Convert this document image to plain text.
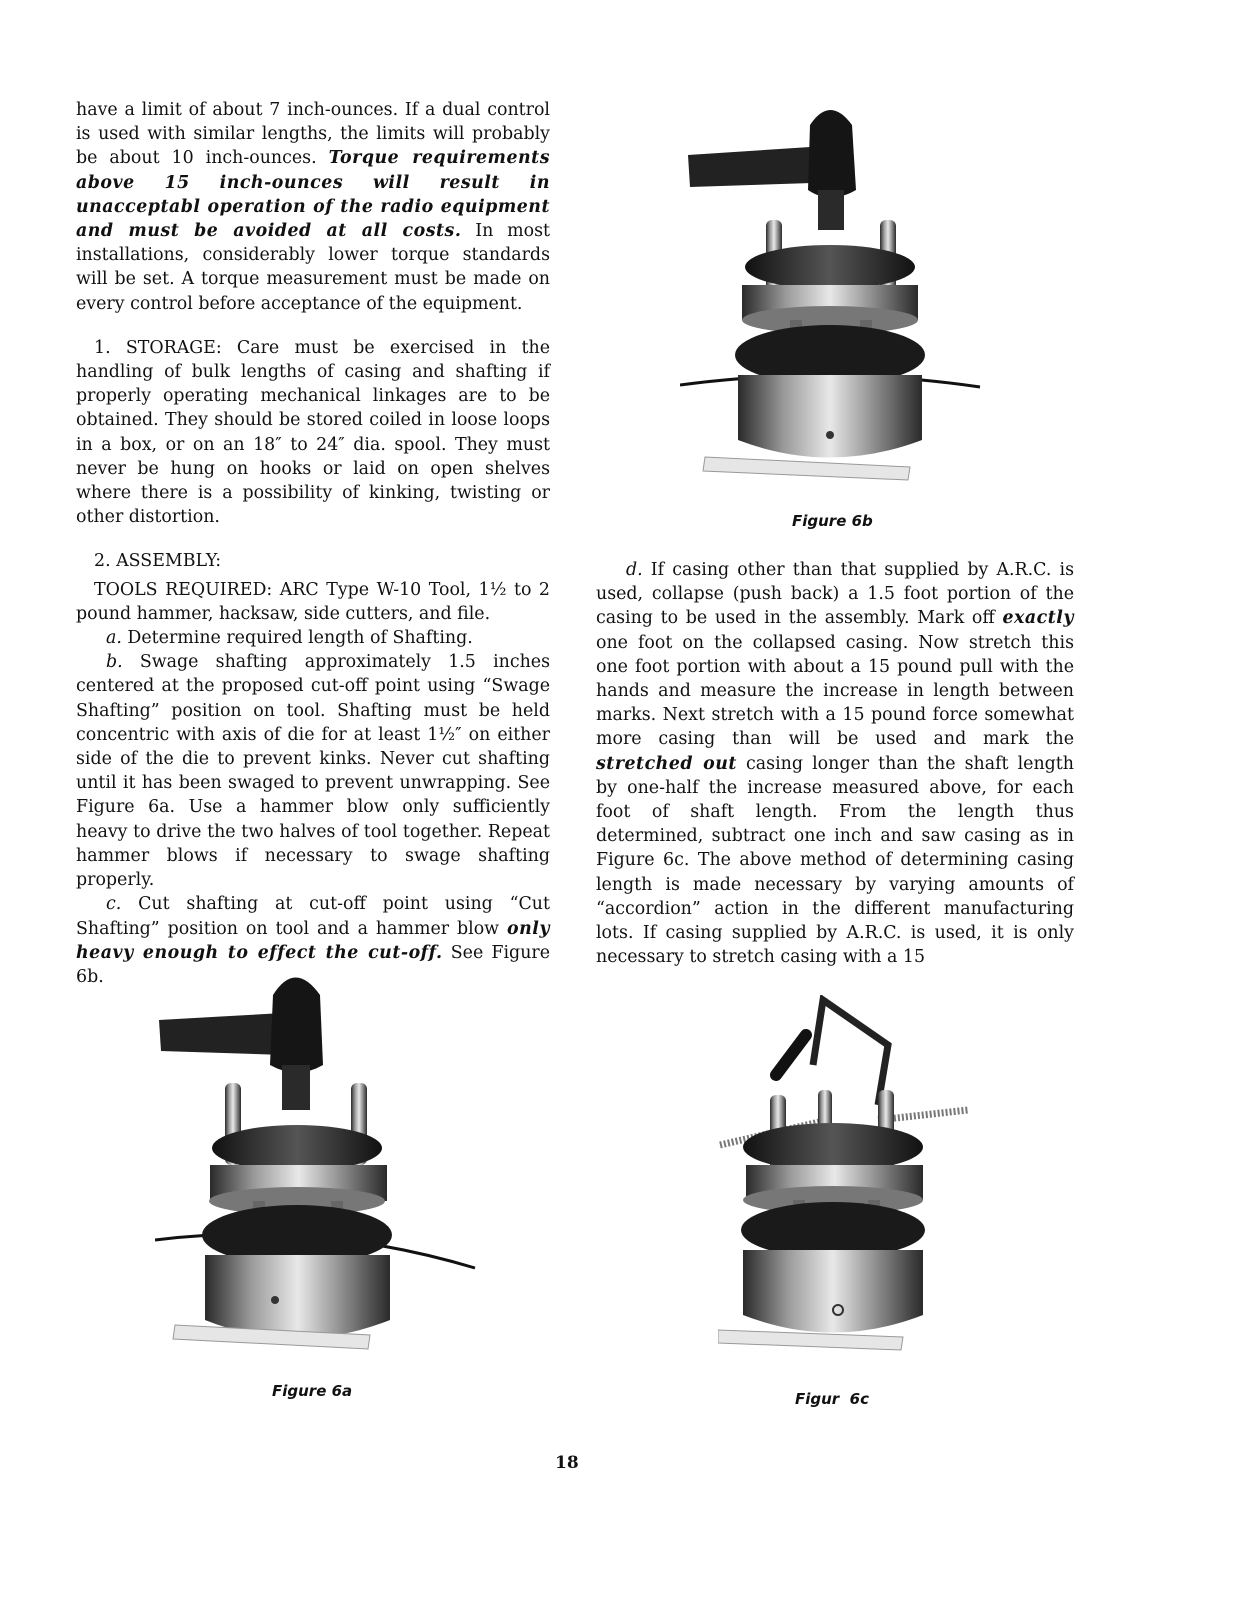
have a limit of about 7 inch-ounces. If a dual control is used with similar lengths, the limits will probably be about 10 inch-ounces. Torque requirements above 15 inch-ounces will result in unacceptabl operation of the radio equipment and must be avoided at all costs. In most installations, considerably lower torque standards will be set. A torque measurement must be made on every control before acceptance of the equipment.

1. STORAGE: Care must be exercised in the handling of bulk lengths of casing and shafting if properly operating mechanical linkages are to be obtained. They should be stored coiled in loose loops in a box, or on an 18″ to 24″ dia. spool. They must never be hung on hooks or laid on open shelves where there is a possibility of kinking, twisting or other distortion.

2. ASSEMBLY:

TOOLS REQUIRED: ARC Type W-10 Tool, 1½ to 2 pound hammer, hacksaw, side cutters, and file.

a. Determine required length of Shafting.

b. Swage shafting approximately 1.5 inches centered at the proposed cut-off point using “Swage Shafting” position on tool. Shafting must be held concentric with axis of die for at least 1½″ on either side of the die to prevent kinks. Never cut shafting until it has been swaged to prevent unwrapping. See Figure 6a. Use a hammer blow only sufficiently heavy to drive the two halves of tool together. Repeat hammer blows if necessary to swage shafting properly.

c. Cut shafting at cut-off point using “Cut Shafting” position on tool and a hammer blow only heavy enough to effect the cut-off. See Figure 6b.

d. If casing other than that supplied by A.R.C. is used, collapse (push back) a 1.5 foot portion of the casing to be used in the assembly. Mark off exactly one foot on the collapsed casing. Now stretch this one foot portion with about a 15 pound pull with the hands and measure the increase in length between marks. Next stretch with a 15 pound force somewhat more casing than will be used and mark the stretched out casing longer than the shaft length by one-half the increase measured above, for each foot of shaft length. From the length thus determined, subtract one inch and saw casing as in Figure 6c. The above method of determining casing length is made necessary by varying amounts of “accordion” action in the different manufacturing lots. If casing supplied by A.R.C. is used, it is only necessary to stretch casing with a 15

Figure 6b
Figure 6a	Figur  6c
18
